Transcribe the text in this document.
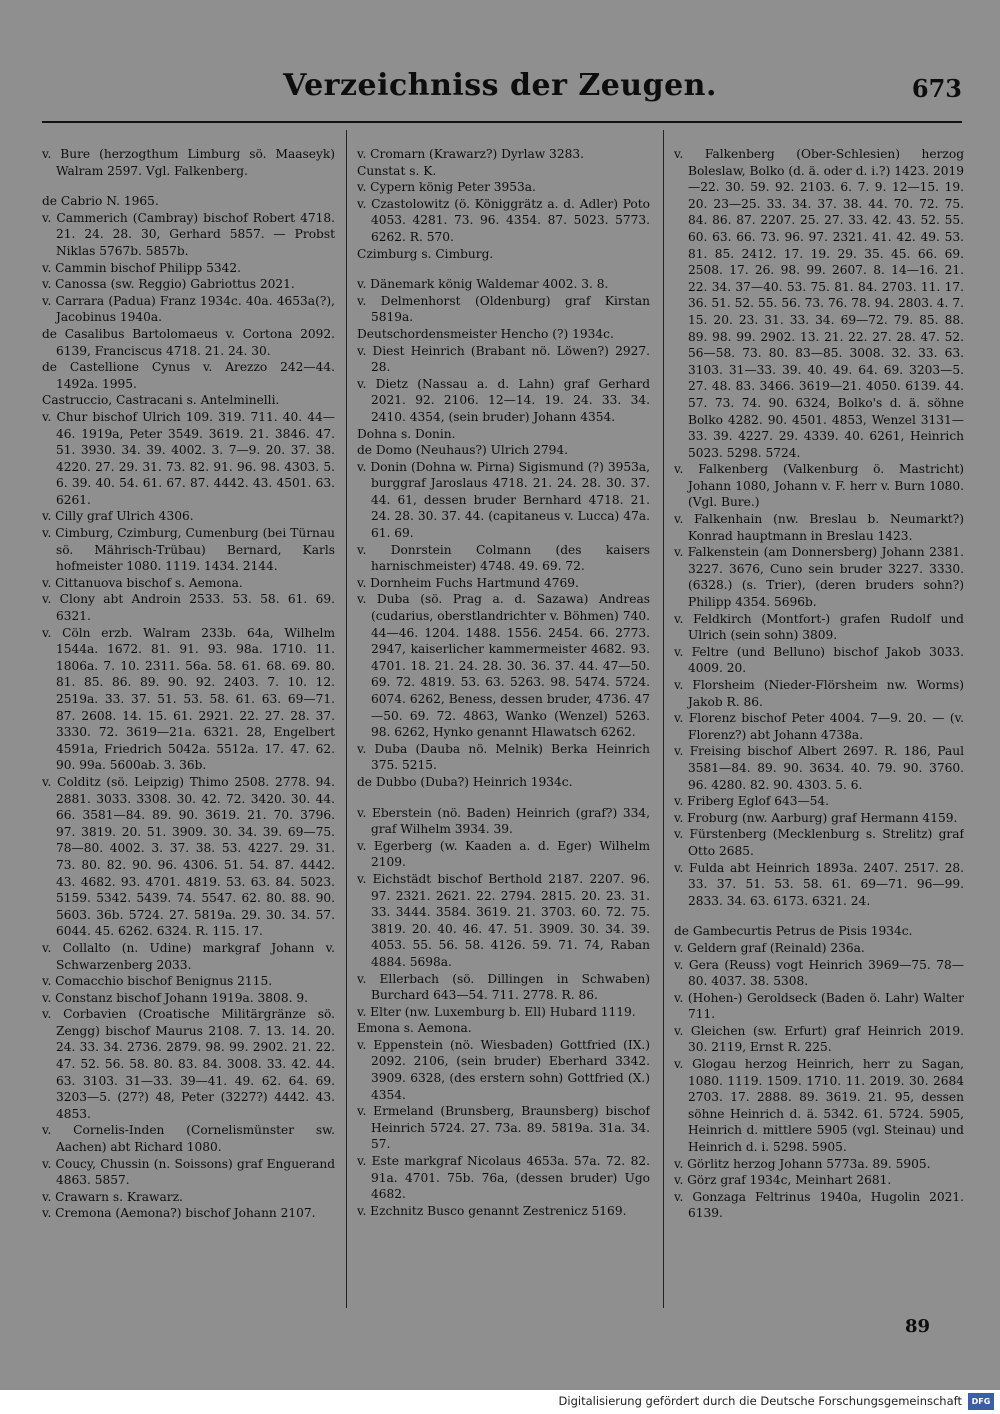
Verzeichniss der Zeugen.	673

v. Bure (herzogthum Limburg sö. Maaseyk) Walram 2597. Vgl. Falkenberg.

de Cabrio N. 1965.

v. Cammerich (Cambray) bischof Robert 4718. 21. 24. 28. 30, Gerhard 5857. — Probst Niklas 5767b. 5857b.

v. Cammin bischof Philipp 5342.

v. Canossa (sw. Reggio) Gabriottus 2021.

v. Carrara (Padua) Franz 1934c. 40a. 4653a(?), Jacobinus 1940a.

de Casalibus Bartolomaeus v. Cortona 2092. 6139, Franciscus 4718. 21. 24. 30.

de Castellione Cynus v. Arezzo 242—44. 1492a. 1995.

Castruccio, Castracani s. Antelminelli.

v. Chur bischof Ulrich 109. 319. 711. 40. 44—46. 1919a, Peter 3549. 3619. 21. 3846. 47. 51. 3930. 34. 39. 4002. 3. 7—9. 20. 37. 38. 4220. 27. 29. 31. 73. 82. 91. 96. 98. 4303. 5. 6. 39. 40. 54. 61. 67. 87. 4442. 43. 4501. 63. 6261.

v. Cilly graf Ulrich 4306.

v. Cimburg, Czimburg, Cumenburg (bei Türnau sö. Mährisch-Trübau) Bernard, Karls hofmeister 1080. 1119. 1434. 2144.

v. Cittanuova bischof s. Aemona.

v. Clony abt Androin 2533. 53. 58. 61. 69. 6321.

v. Cöln erzb. Walram 233b. 64a, Wilhelm 1544a. 1672. 81. 91. 93. 98a. 1710. 11. 1806a. 7. 10. 2311. 56a. 58. 61. 68. 69. 80. 81. 85. 86. 89. 90. 92. 2403. 7. 10. 12. 2519a. 33. 37. 51. 53. 58. 61. 63. 69—71. 87. 2608. 14. 15. 61. 2921. 22. 27. 28. 37. 3330. 72. 3619—21a. 6321. 28, Engelbert 4591a, Friedrich 5042a. 5512a. 17. 47. 62. 90. 99a. 5600ab. 3. 36b.

v. Colditz (sö. Leipzig) Thimo 2508. 2778. 94. 2881. 3033. 3308. 30. 42. 72. 3420. 30. 44. 66. 3581—84. 89. 90. 3619. 21. 70. 3796. 97. 3819. 20. 51. 3909. 30. 34. 39. 69—75. 78—80. 4002. 3. 37. 38. 53. 4227. 29. 31. 73. 80. 82. 90. 96. 4306. 51. 54. 87. 4442. 43. 4682. 93. 4701. 4819. 53. 63. 84. 5023. 5159. 5342. 5439. 74. 5547. 62. 80. 88. 90. 5603. 36b. 5724. 27. 5819a. 29. 30. 34. 57. 6044. 45. 6262. 6324. R. 115. 17.

v. Collalto (n. Udine) markgraf Johann v. Schwarzenberg 2033.

v. Comacchio bischof Benignus 2115.

v. Constanz bischof Johann 1919a. 3808. 9.

v. Corbavien (Croatische Militärgränze sö. Zengg) bischof Maurus 2108. 7. 13. 14. 20. 24. 33. 34. 2736. 2879. 98. 99. 2902. 21. 22. 47. 52. 56. 58. 80. 83. 84. 3008. 33. 42. 44. 63. 3103. 31—33. 39—41. 49. 62. 64. 69. 3203—5. (27?) 48, Peter (3227?) 4442. 43. 4853.

v. Cornelis-Inden (Cornelismünster sw. Aachen) abt Richard 1080.

v. Coucy, Chussin (n. Soissons) graf Enguerand 4863. 5857.

v. Crawarn s. Krawarz.

v. Cremona (Aemona?) bischof Johann 2107.

v. Cromarn (Krawarz?) Dyrlaw 3283.

Cunstat s. K.

v. Cypern könig Peter 3953a.

v. Czastolowitz (ö. Königgrätz a. d. Adler) Poto 4053. 4281. 73. 96. 4354. 87. 5023. 5773. 6262. R. 570.

Czimburg s. Cimburg.

v. Dänemark könig Waldemar 4002. 3. 8.

v. Delmenhorst (Oldenburg) graf Kirstan 5819a.

Deutschordensmeister Hencho (?) 1934c.

v. Diest Heinrich (Brabant nö. Löwen?) 2927. 28.

v. Dietz (Nassau a. d. Lahn) graf Gerhard 2021. 92. 2106. 12—14. 19. 24. 33. 34. 2410. 4354, (sein bruder) Johann 4354.

Dohna s. Donin.

de Domo (Neuhaus?) Ulrich 2794.

v. Donin (Dohna w. Pirna) Sigismund (?) 3953a, burggraf Jaroslaus 4718. 21. 24. 28. 30. 37. 44. 61, dessen bruder Bernhard 4718. 21. 24. 28. 30. 37. 44. (capitaneus v. Lucca) 47a. 61. 69.

v. Donrstein Colmann (des kaisers harnischmeister) 4748. 49. 69. 72.

v. Dornheim Fuchs Hartmund 4769.

v. Duba (sö. Prag a. d. Sazawa) Andreas (cudarius, oberstlandrichter v. Böhmen) 740. 44—46. 1204. 1488. 1556. 2454. 66. 2773. 2947, kaiserlicher kammermeister 4682. 93. 4701. 18. 21. 24. 28. 30. 36. 37. 44. 47—50. 69. 72. 4819. 53. 63. 5263. 98. 5474. 5724. 6074. 6262, Beness, dessen bruder, 4736. 47—50. 69. 72. 4863, Wanko (Wenzel) 5263. 98. 6262, Hynko genannt Hlawatsch 6262.

v. Duba (Dauba nö. Melnik) Berka Heinrich 375. 5215.

de Dubbo (Duba?) Heinrich 1934c.

v. Eberstein (nö. Baden) Heinrich (graf?) 334, graf Wilhelm 3934. 39.

v. Egerberg (w. Kaaden a. d. Eger) Wilhelm 2109.

v. Eichstädt bischof Berthold 2187. 2207. 96. 97. 2321. 2621. 22. 2794. 2815. 20. 23. 31. 33. 3444. 3584. 3619. 21. 3703. 60. 72. 75. 3819. 20. 40. 46. 47. 51. 3909. 30. 34. 39. 4053. 55. 56. 58. 4126. 59. 71. 74, Raban 4884. 5698a.

v. Ellerbach (sö. Dillingen in Schwaben) Burchard 643—54. 711. 2778. R. 86.

v. Elter (nw. Luxemburg b. Ell) Hubard 1119.

Emona s. Aemona.

v. Eppenstein (nö. Wiesbaden) Gottfried (IX.) 2092. 2106, (sein bruder) Eberhard 3342. 3909. 6328, (des erstern sohn) Gottfried (X.) 4354.

v. Ermeland (Brunsberg, Braunsberg) bischof Heinrich 5724. 27. 73a. 89. 5819a. 31a. 34. 57.

v. Este markgraf Nicolaus 4653a. 57a. 72. 82. 91a. 4701. 75b. 76a, (dessen bruder) Ugo 4682.

v. Ezchnitz Busco genannt Zestrenicz 5169.

v. Falkenberg (Ober-Schlesien) herzog Boleslaw, Bolko (d. ä. oder d. i.?) 1423. 2019—22. 30. 59. 92. 2103. 6. 7. 9. 12—15. 19. 20. 23—25. 33. 34. 37. 38. 44. 70. 72. 75. 84. 86. 87. 2207. 25. 27. 33. 42. 43. 52. 55. 60. 63. 66. 73. 96. 97. 2321. 41. 42. 49. 53. 81. 85. 2412. 17. 19. 29. 35. 45. 66. 69. 2508. 17. 26. 98. 99. 2607. 8. 14—16. 21. 22. 34. 37—40. 53. 75. 81. 84. 2703. 11. 17. 36. 51. 52. 55. 56. 73. 76. 78. 94. 2803. 4. 7. 15. 20. 23. 31. 33. 34. 69—72. 79. 85. 88. 89. 98. 99. 2902. 13. 21. 22. 27. 28. 47. 52. 56—58. 73. 80. 83—85. 3008. 32. 33. 63. 3103. 31—33. 39. 40. 49. 64. 69. 3203—5. 27. 48. 83. 3466. 3619—21. 4050. 6139. 44. 57. 73. 74. 90. 6324, Bolko's d. ä. söhne Bolko 4282. 90. 4501. 4853, Wenzel 3131—33. 39. 4227. 29. 4339. 40. 6261, Heinrich 5023. 5298. 5724.

v. Falkenberg (Valkenburg ö. Mastricht) Johann 1080, Johann v. F. herr v. Burn 1080. (Vgl. Bure.)

v. Falkenhain (nw. Breslau b. Neumarkt?) Konrad hauptmann in Breslau 1423.

v. Falkenstein (am Donnersberg) Johann 2381. 3227. 3676, Cuno sein bruder 3227. 3330. (6328.) (s. Trier), (deren bruders sohn?) Philipp 4354. 5696b.

v. Feldkirch (Montfort-) grafen Rudolf und Ulrich (sein sohn) 3809.

v. Feltre (und Belluno) bischof Jakob 3033. 4009. 20.

v. Florsheim (Nieder-Flörsheim nw. Worms) Jakob R. 86.

v. Florenz bischof Peter 4004. 7—9. 20. — (v. Florenz?) abt Johann 4738a.

v. Freising bischof Albert 2697. R. 186, Paul 3581—84. 89. 90. 3634. 40. 79. 90. 3760. 96. 4280. 82. 90. 4303. 5. 6.

v. Friberg Eglof 643—54.

v. Froburg (nw. Aarburg) graf Hermann 4159.

v. Fürstenberg (Mecklenburg s. Strelitz) graf Otto 2685.

v. Fulda abt Heinrich 1893a. 2407. 2517. 28. 33. 37. 51. 53. 58. 61. 69—71. 96—99. 2833. 34. 63. 6173. 6321. 24.

de Gambecurtis Petrus de Pisis 1934c.

v. Geldern graf (Reinald) 236a.

v. Gera (Reuss) vogt Heinrich 3969—75. 78—80. 4037. 38. 5308.

v. (Hohen-) Geroldseck (Baden ö. Lahr) Walter 711.

v. Gleichen (sw. Erfurt) graf Heinrich 2019. 30. 2119, Ernst R. 225.

v. Glogau herzog Heinrich, herr zu Sagan, 1080. 1119. 1509. 1710. 11. 2019. 30. 2684 2703. 17. 2888. 89. 3619. 21. 95, dessen söhne Heinrich d. ä. 5342. 61. 5724. 5905, Heinrich d. mittlere 5905 (vgl. Steinau) und Heinrich d. i. 5298. 5905.

v. Görlitz herzog Johann 5773a. 89. 5905.

v. Görz graf 1934c, Meinhart 2681.

v. Gonzaga Feltrinus 1940a, Hugolin 2021. 6139.

89
Digitalisierung gefördert durch die Deutsche Forschungsgemeinschaft	DFG
